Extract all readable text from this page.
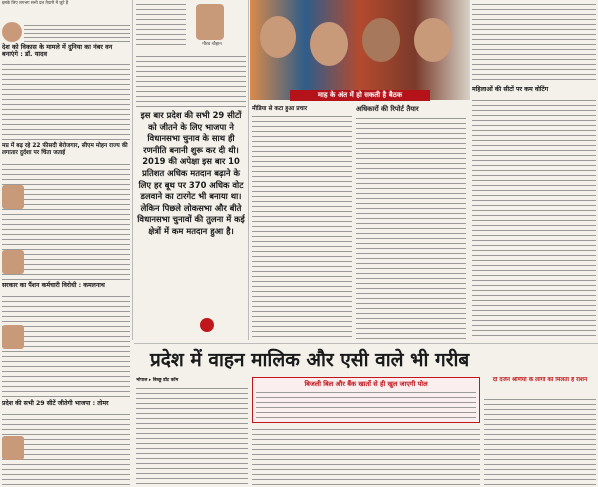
इसके लिए लगभग सभी दल तैयारी में जुटे हैं
देश को विकास के मामले में दुनिया का नंबर वन बनाएंगे : डॉ. यादव
मप्र में बढ़ रहे 22 फीसदी बेरोजगार, सीएम मोहन राज्य की लगातार दुर्दशा पर चिंता जताई
सरकार का पैंशन कर्मचारी विरोधी : कमलनाथ
प्रदेश की सभी 29 सीटें जीतेगी भाजपा : तोमर
गौरव चौहान
इस बार प्रदेश की सभी 29 सीटों को जीतने के लिए भाजपा ने विधानसभा चुनाव के साथ ही रणनीति बनानी शुरू कर दी थी। 2019 की अपेक्षा इस बार 10 प्रतिशत अधिक मतदान बढ़ाने के लिए हर बूथ पर 370 अधिक वोट डलवाने का टारगेट भी बनाया था। लेकिन पिछले लोकसभा और बीते विधानसभा चुनावों की तुलना में कई क्षेत्रों में कम मतदान हुआ है।
माह के अंत में हो सकती है बैठक
मीडिया से कटा हुआ प्रचार	अधिकारों की रिपोर्ट तैयार
महिलाओं की सीटों पर कम वोटिंग
प्रदेश में वाहन मालिक और एसी वाले भी गरीब
भोपाल ▸ बिच्छू डॉट कॉम	बिजली बिल और बैंक खातों से ही खुल जाएगी पोल	दो दर्जन श्रेणियों के लोगों को मिलता है राशन
